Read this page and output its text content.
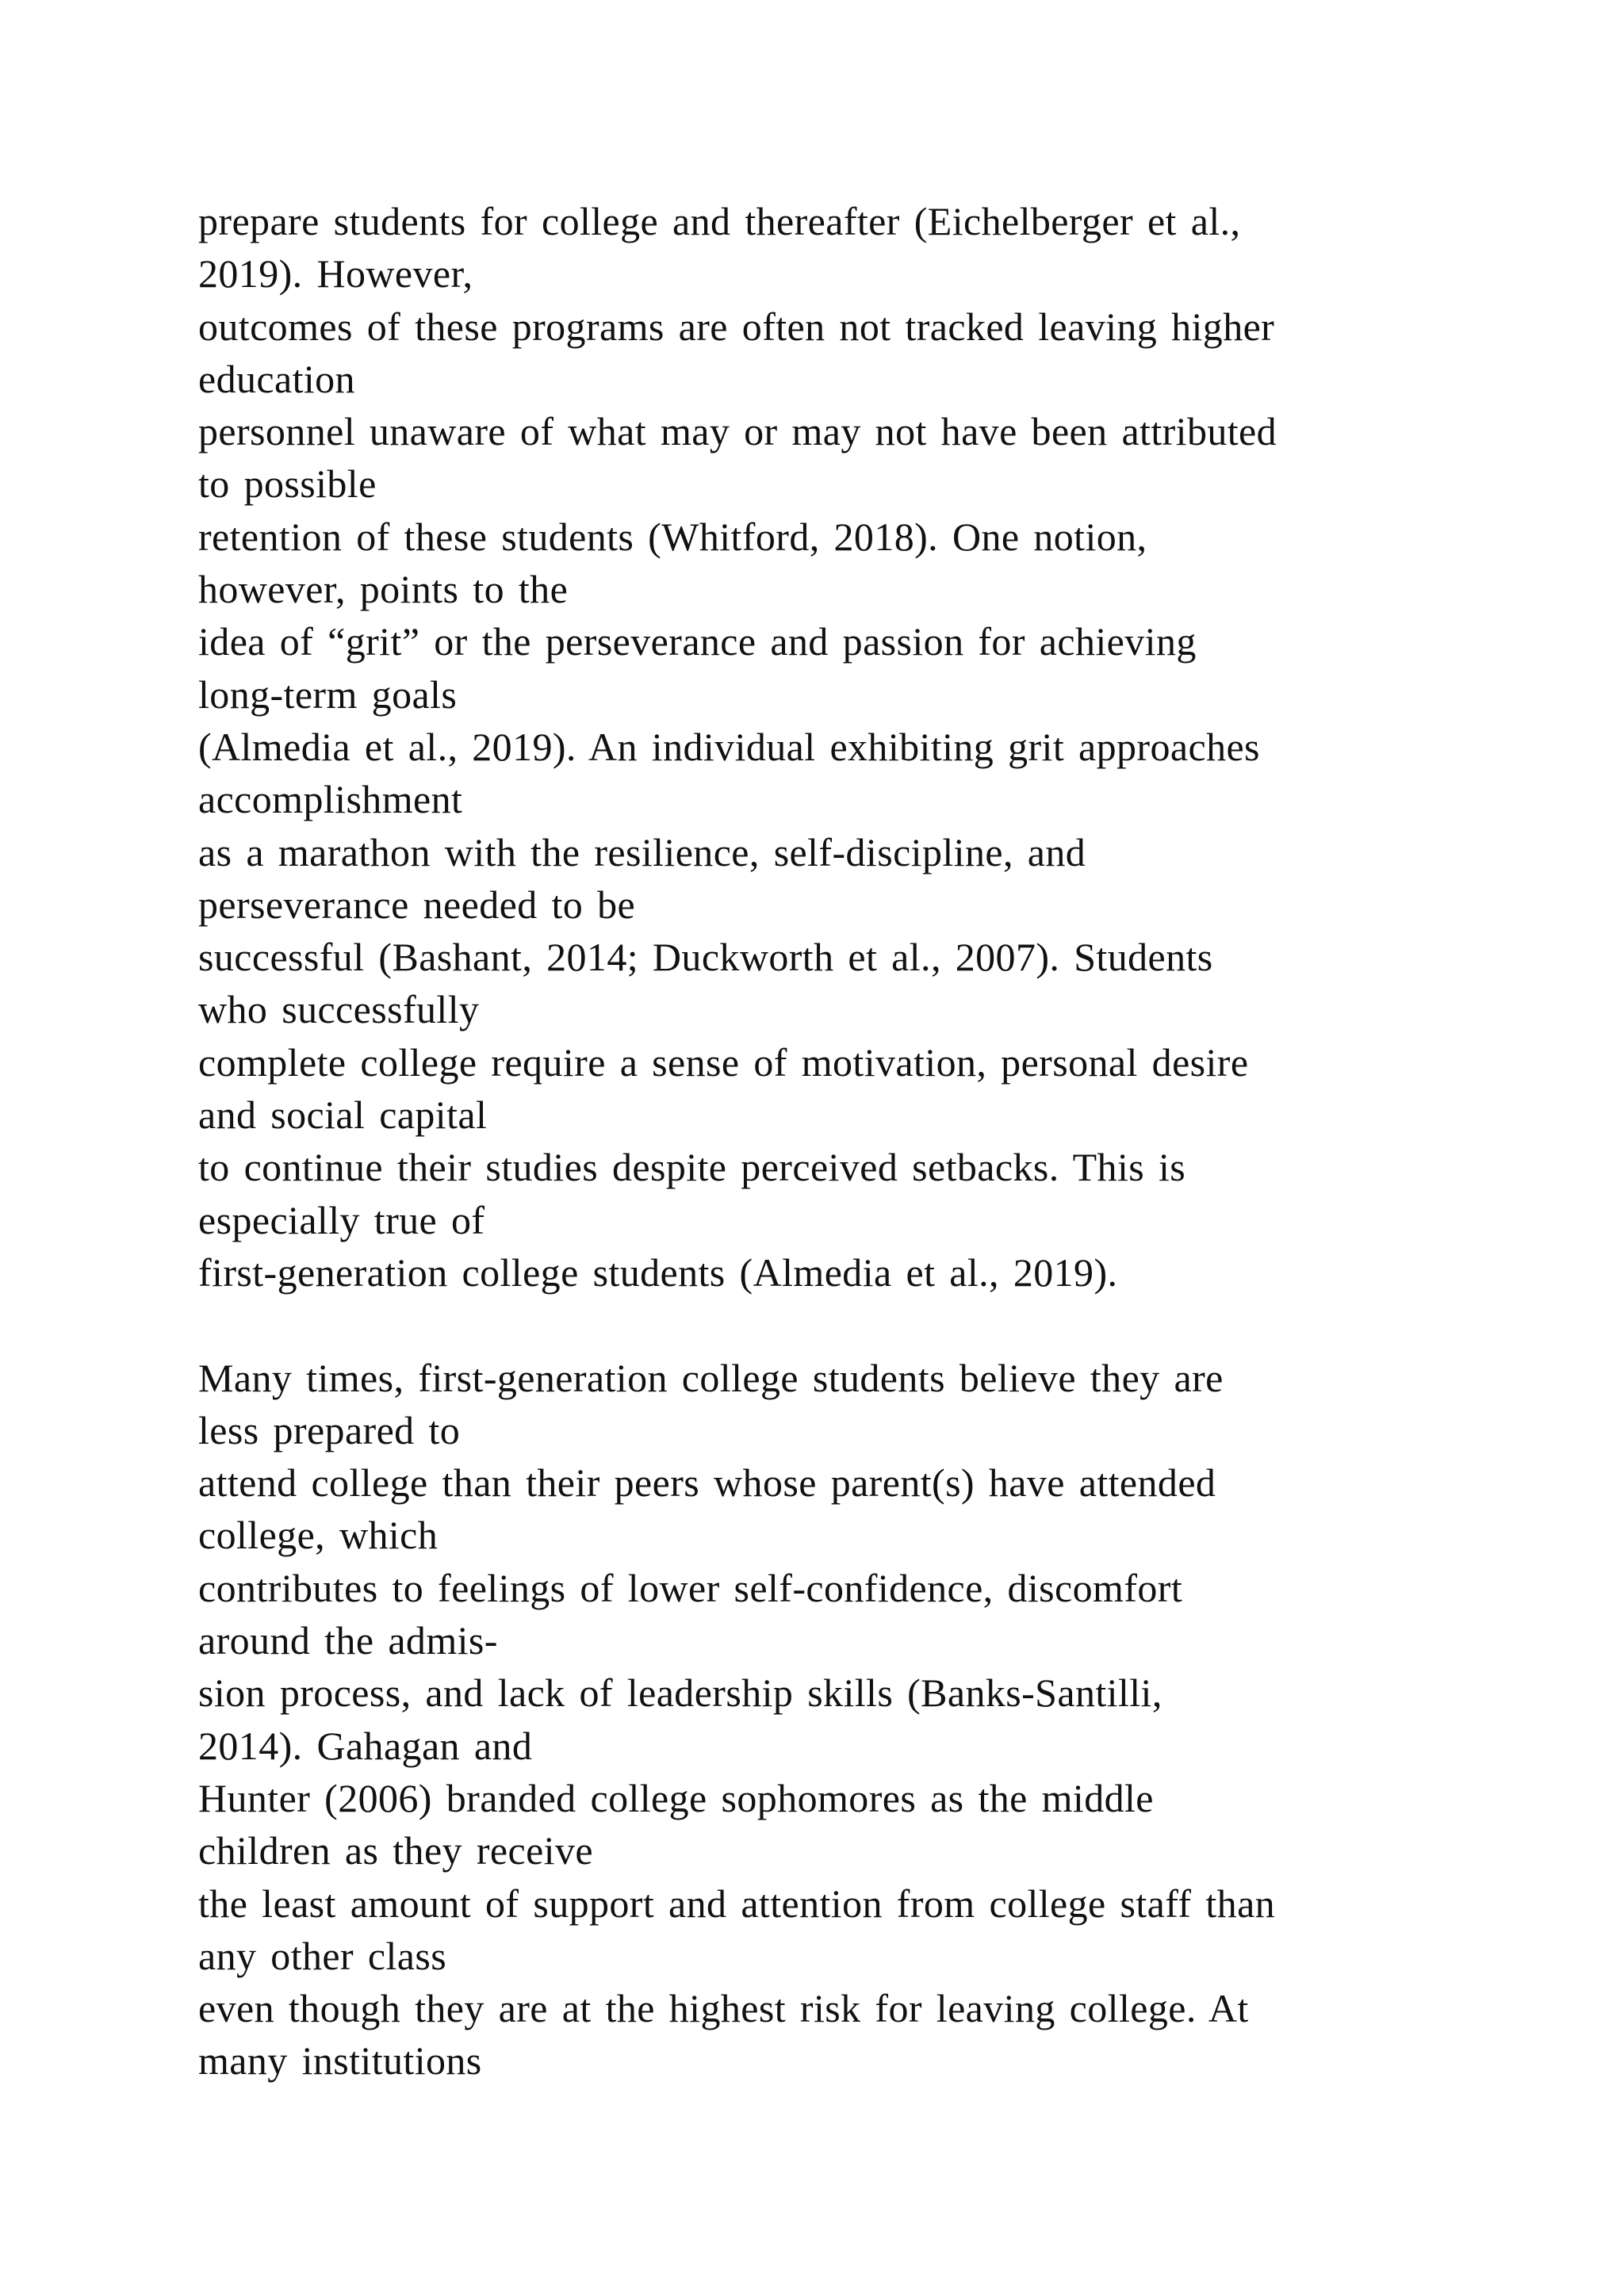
prepare students for college and thereafter (Eichelberger et al.,
2019). However,
outcomes of these programs are often not tracked leaving higher
education
personnel unaware of what may or may not have been attributed
to possible
retention of these students (Whitford, 2018). One notion,
however, points to the
idea of “grit” or the perseverance and passion for achieving
long-term goals
(Almedia et al., 2019). An individual exhibiting grit approaches
accomplishment
as a marathon with the resilience, self-discipline, and
perseverance needed to be
successful (Bashant, 2014; Duckworth et al., 2007). Students
who successfully
complete college require a sense of motivation, personal desire
and social capital
to continue their studies despite perceived setbacks. This is
especially true of
first-generation college students (Almedia et al., 2019).
Many times, first-generation college students believe they are
less prepared to
attend college than their peers whose parent(s) have attended
college, which
contributes to feelings of lower self-confidence, discomfort
around the admis-
sion process, and lack of leadership skills (Banks-Santilli,
2014). Gahagan and
Hunter (2006) branded college sophomores as the middle
children as they receive
the least amount of support and attention from college staff than
any other class
even though they are at the highest risk for leaving college. At
many institutions
